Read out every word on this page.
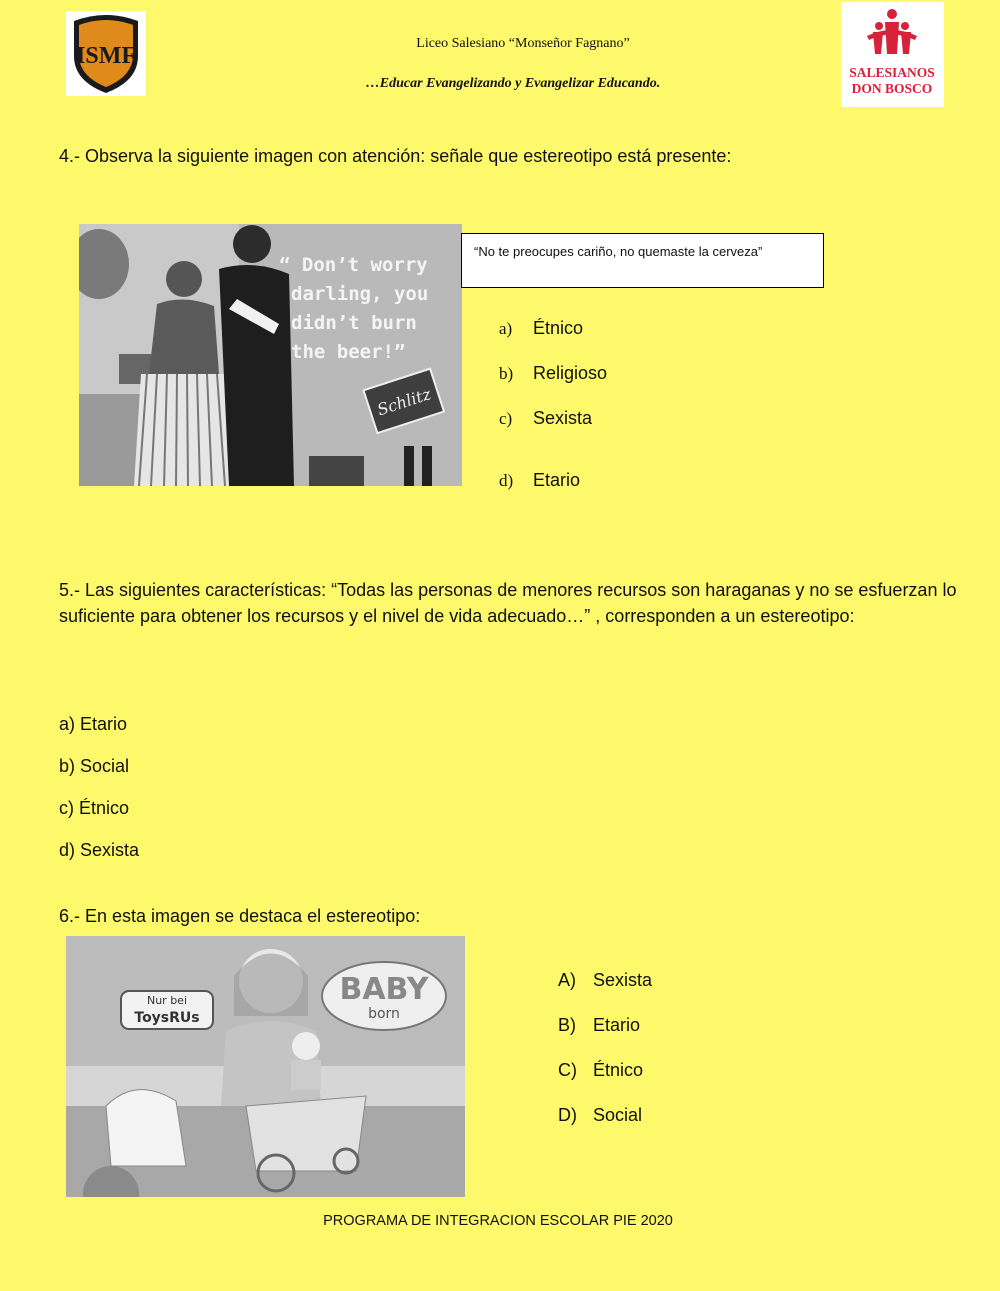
ISMF	Liceo Salesiano “Monseñor Fagnano”
…Educar Evangelizando y Evangelizar Educando.
SALESIANOS
DON BOSCO
4.- Observa la siguiente imagen con atención: señale que estereotipo está presente:
“ Don’t worry
darling, you
didn’t burn
the beer!”
Schlitz
“No te preocupes cariño, no quemaste la cerveza”
a) Étnico
b) Religioso
c) Sexista
d) Etario
5.- Las siguientes características: “Todas las personas de menores recursos son haraganas y no se esfuerzan lo suficiente para obtener los recursos y el nivel de vida adecuado…” , corresponden a un estereotipo:
a) Etario
b) Social
c) Étnico
d) Sexista
6.- En esta imagen se destaca el estereotipo:
Nur bei
ToysRUs
BABY
born
A) Sexista
B) Etario
C) Étnico
D) Social
PROGRAMA DE INTEGRACION ESCOLAR PIE 2020
